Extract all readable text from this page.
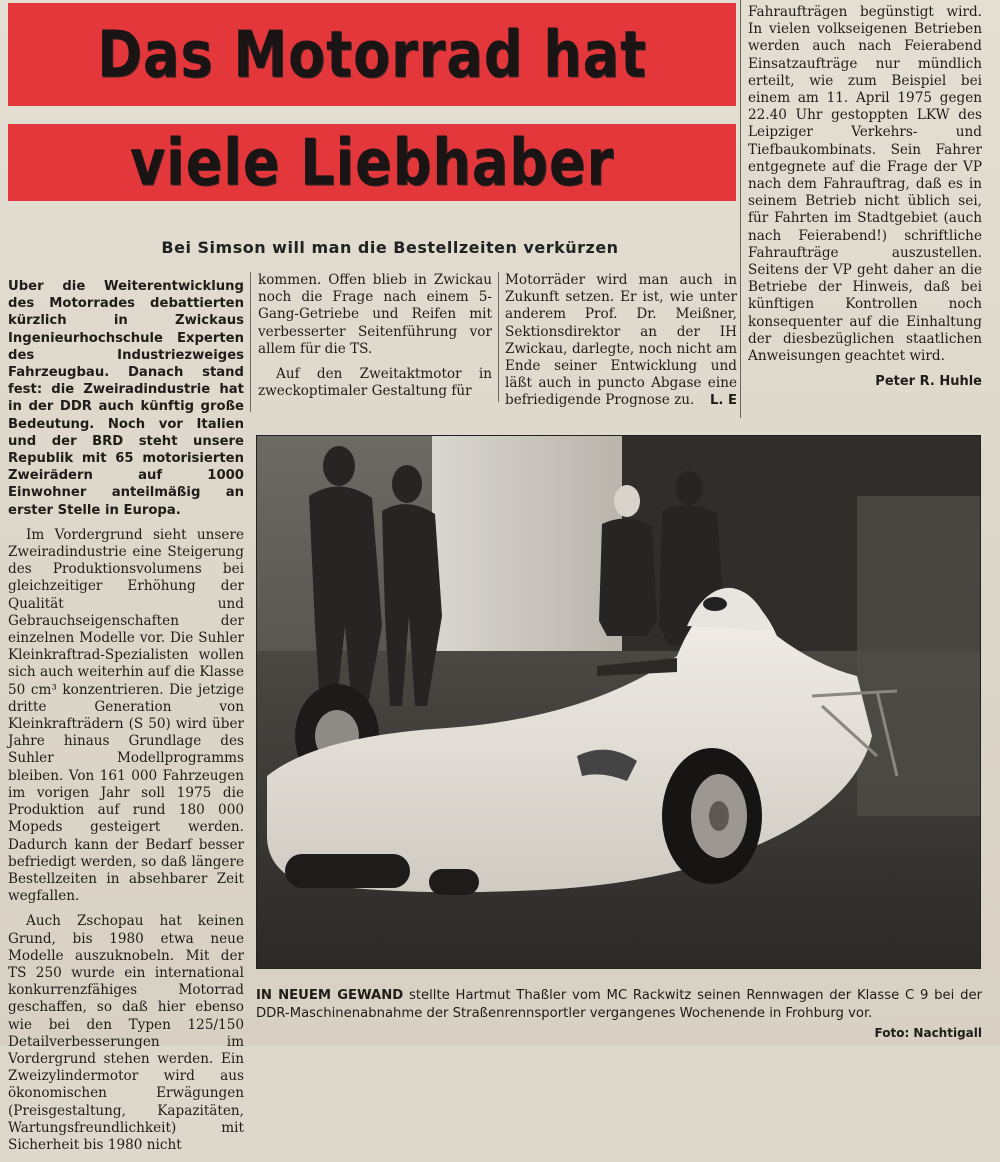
Das Motorrad hat
viele Liebhaber
Bei Simson will man die Bestellzeiten verkürzen

Uber die Weiterentwicklung des Motorrades debattierten kürzlich in Zwickaus Ingenieurhochschule Experten des Industriezweiges Fahrzeugbau. Danach stand fest: die Zweiradindustrie hat in der DDR auch künftig große Bedeutung. Noch vor Italien und der BRD steht unsere Republik mit 65 motorisierten Zweirädern auf 1000 Einwohner anteilmäßig an erster Stelle in Europa.

Im Vordergrund sieht unsere Zweiradindustrie eine Steigerung des Produktionsvolumens bei gleichzeitiger Erhöhung der Qualität und Gebrauchseigenschaften der einzelnen Modelle vor. Die Suhler Kleinkraftrad-Spezialisten wollen sich auch weiterhin auf die Klasse 50 cm³ konzentrieren. Die jetzige dritte Generation von Kleinkrafträdern (S 50) wird über Jahre hinaus Grundlage des Suhler Modellprogramms bleiben. Von 161 000 Fahrzeugen im vorigen Jahr soll 1975 die Produktion auf rund 180 000 Mopeds gesteigert werden. Dadurch kann der Bedarf besser befriedigt werden, so daß längere Bestellzeiten in absehbarer Zeit wegfallen.

Auch Zschopau hat keinen Grund, bis 1980 etwa neue Modelle auszuknobeln. Mit der TS 250 wurde ein international konkurrenzfähiges Motorrad geschaffen, so daß hier ebenso wie bei den Typen 125/150 Detailverbesserungen im Vordergrund stehen werden. Ein Zweizylindermotor wird aus ökonomischen Erwägungen (Preisgestaltung, Kapazitäten, Wartungsfreundlichkeit) mit Sicherheit bis 1980 nicht

kommen. Offen blieb in Zwickau noch die Frage nach einem 5-Gang-Getriebe und Reifen mit verbesserter Seitenführung vor allem für die TS.

Auf den Zweitaktmotor in zweckoptimaler Gestaltung für

Motorräder wird man auch in Zukunft setzen. Er ist, wie unter anderem Prof. Dr. Meißner, Sektionsdirektor an der IH Zwickau, darlegte, noch nicht am Ende seiner Entwicklung und läßt auch in puncto Abgase eine befriedigende Prognose zu. L. E

Fahraufträgen begünstigt wird. In vielen volkseigenen Betrieben werden auch nach Feierabend Einsatzaufträge nur mündlich erteilt, wie zum Beispiel bei einem am 11. April 1975 gegen 22.40 Uhr gestoppten LKW des Leipziger Verkehrs- und Tiefbaukombinats. Sein Fahrer entgegnete auf die Frage der VP nach dem Fahrauftrag, daß es in seinem Betrieb nicht üblich sei, für Fahrten im Stadtgebiet (auch nach Feierabend!) schriftliche Fahraufträge auszustellen. Seitens der VP geht daher an die Betriebe der Hinweis, daß bei künftigen Kontrollen noch konsequenter auf die Einhaltung der diesbezüglichen staatlichen Anweisungen geachtet wird.

Peter R. Huhle
IN NEUEM GEWAND stellte Hartmut Thaßler vom MC Rackwitz seinen Rennwagen der Klasse C 9 bei der DDR-Maschinenabnahme der Straßenrennsportler vergangenes Wochenende in Frohburg vor.
Foto: Nachtigall
